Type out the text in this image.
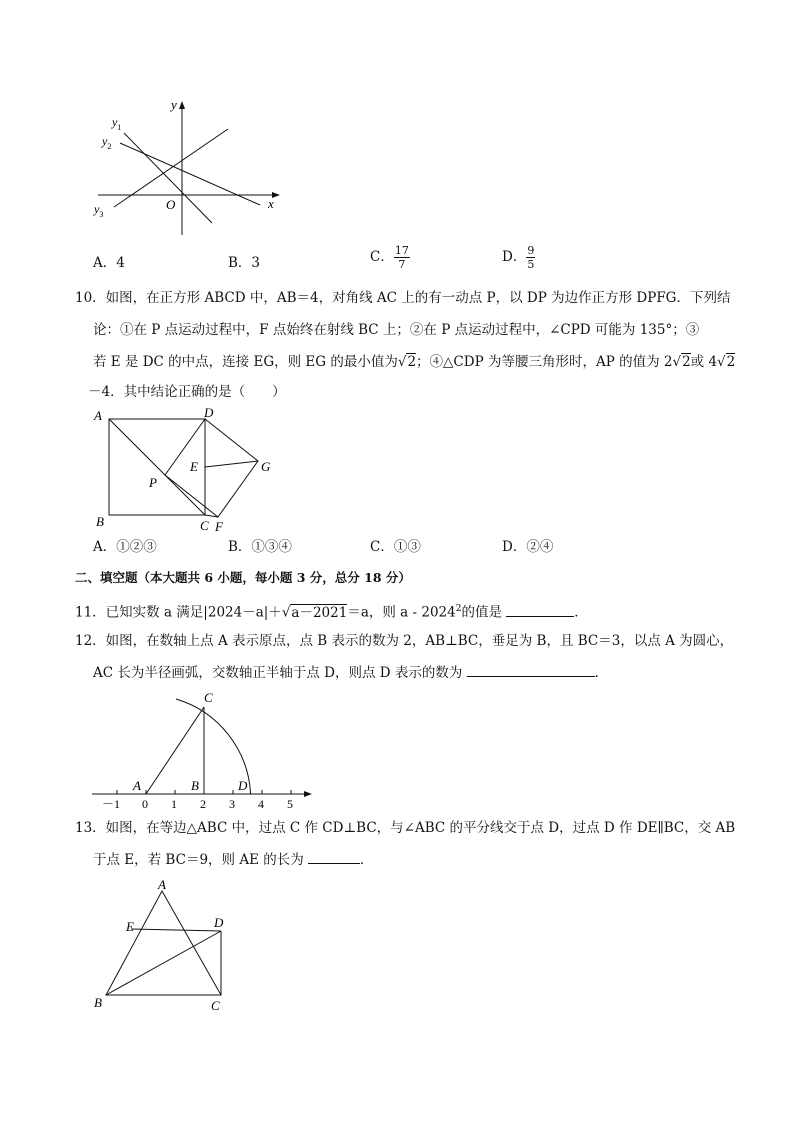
y
x
O
$y_1$
$y_2$
$y_3$
A．4	B．3	C． $\frac{17}{7}$	D． $\frac{9}{5}$
10．如图，在正方形 ABCD 中，AB＝4，对角线 AC 上的有一动点 P，以 DP 为边作正方形 DPFG．下列结
论：①在 P 点运动过程中，F 点始终在射线 BC 上；②在 P 点运动过程中，∠CPD 可能为 135°；③
若 E 是 DC 的中点，连接 EG，则 EG 的最小值为√2；④△CDP 为等腰三角形时，AP 的值为 2√2或 4√2
－4．其中结论正确的是（　　）
A	D
E	G
P
B	C F
A．①②③	B．①③④	C．①③	D．②④
二、填空题（本大题共 6 小题，每小题 3 分，总分 18 分）
11．已知实数 a 满足|2024－a|＋√a－2021＝a，则 a - 2024$^2$的值是	．
12．如图，在数轴上点 A 表示原点，点 B 表示的数为 2，AB⊥BC，垂足为 B，且 BC＝3，以点 A 为圆心，
AC 长为半径画弧，交数轴正半轴于点 D，则点 D 表示的数为	．
C
A	B	D
－1 0 1 2 3 4 5
13．如图，在等边△ABC 中，过点 C 作 CD⊥BC，与∠ABC 的平分线交于点 D，过点 D 作 DE∥BC，交 AB
于点 E，若 BC＝9，则 AE 的长为	．
A
E	D
B	C
